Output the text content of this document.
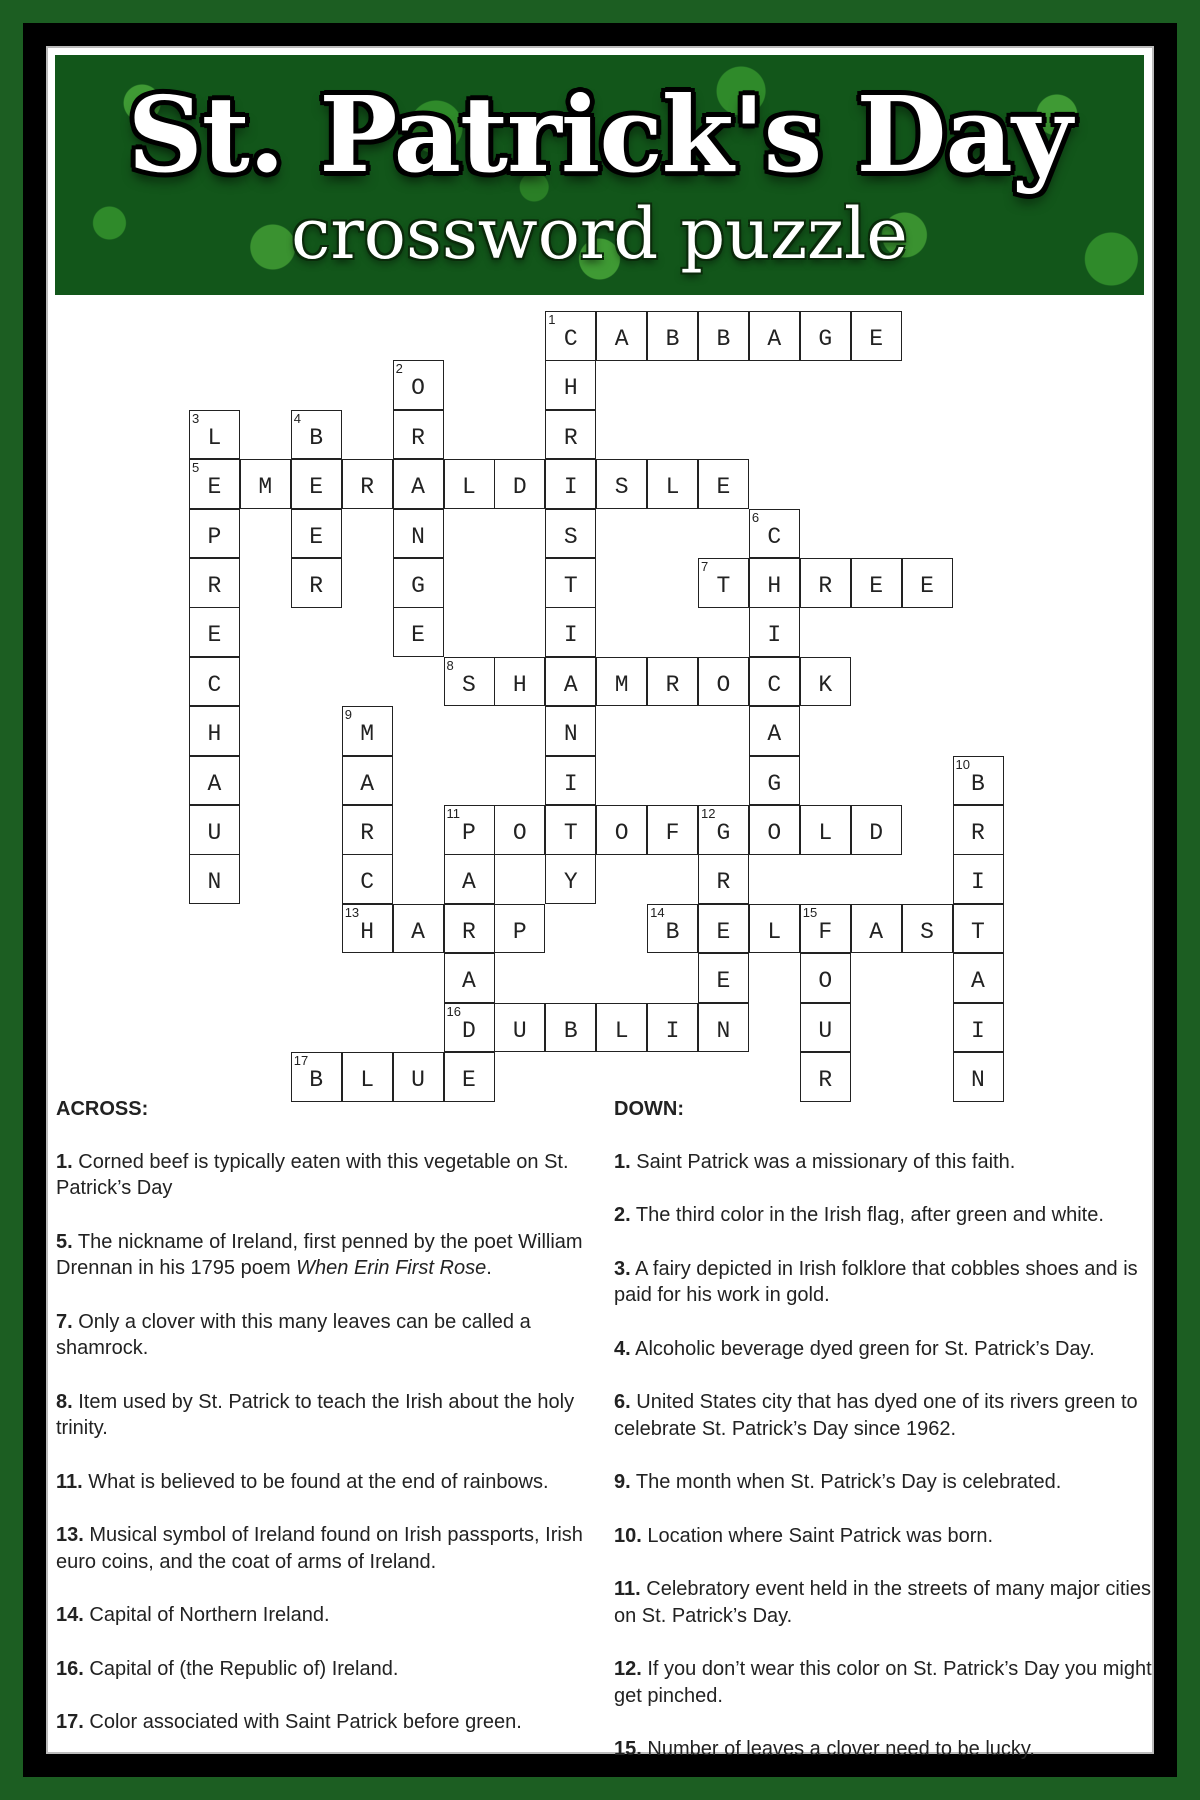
St. Patrick's Day
crossword puzzle
1
2
3	4
5
6
7
8
9
10
11	12
13	14	15
16
17
CABBAGE
O  H
L B R  R
EMERALDISLE
P E N  S   C
R R G  T  THREE
E   E  I   I
C    SHAMROCK
H  M   N   A
A  A   I   G   B
U  R POTOFGOLD R
N  C A Y  R    I
HARP  BELFAST
A    E O  A
DUBLIN U  I
BLUE      R  N
ACROSS:

1. Corned beef is typically eaten with this vegetable on St. Patrick’s Day

5. The nickname of Ireland, first penned by the poet William Drennan in his 1795 poem When Erin First Rose.

7. Only a clover with this many leaves can be called a shamrock.

8. Item used by St. Patrick to teach the Irish about the holy trinity.

11. What is believed to be found at the end of rainbows.

13. Musical symbol of Ireland found on Irish passports, Irish euro coins, and the coat of arms of Ireland.

14. Capital of Northern Ireland.

16. Capital of (the Republic of) Ireland.

17. Color associated with Saint Patrick before green.

DOWN:

1. Saint Patrick was a missionary of this faith.

2. The third color in the Irish flag, after green and white.

3. A fairy depicted in Irish folklore that cobbles shoes and is paid for his work in gold.

4. Alcoholic beverage dyed green for St. Patrick’s Day.

6. United States city that has dyed one of its rivers green to celebrate St. Patrick’s Day since 1962.

9. The month when St. Patrick’s Day is celebrated.

10. Location where Saint Patrick was born.

11. Celebratory event held in the streets of many major cities on St. Patrick’s Day.

12. If you don’t wear this color on St. Patrick’s Day you might get pinched.

15. Number of leaves a clover need to be lucky.
